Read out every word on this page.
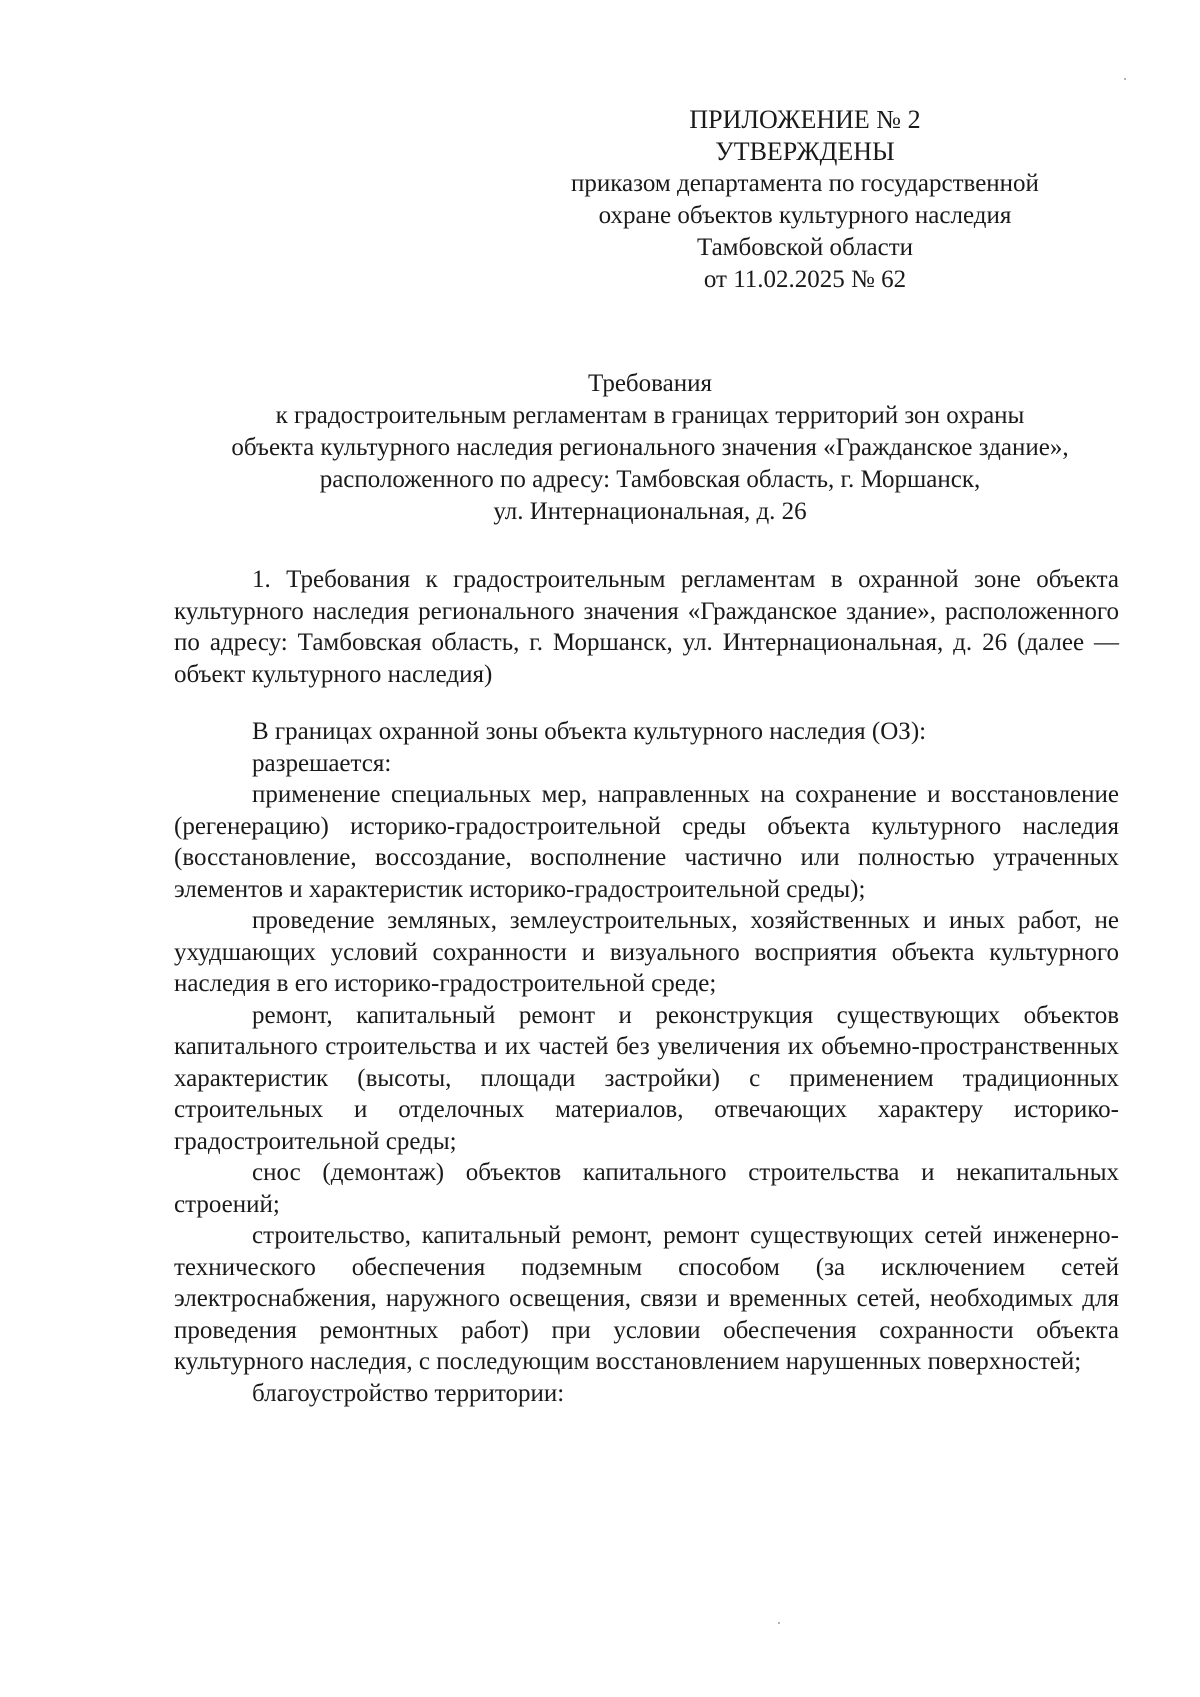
ПРИЛОЖЕНИЕ № 2
УТВЕРЖДЕНЫ
приказом департамента по государственной
охране объектов культурного наследия
Тамбовской области
от 11.02.2025 № 62
Требования
к градостроительным регламентам в границах территорий зон охраны
объекта культурного наследия регионального значения «Гражданское здание»,
расположенного по адресу: Тамбовская область, г. Моршанск,
ул. Интернациональная, д. 26

1. Требования к градостроительным регламентам в охранной зоне объекта культурного наследия регионального значения «Гражданское здание», расположенного по адресу: Тамбовская область, г. Моршанск, ул. Интернациональная, д. 26 (далее — объект культурного наследия)

В границах охранной зоны объекта культурного наследия (ОЗ):

разрешается:

применение специальных мер, направленных на сохранение и восстановление (регенерацию) историко-градостроительной среды объекта культурного наследия (восстановление, воссоздание, восполнение частично или полностью утраченных элементов и характеристик историко-градостроительной среды);

проведение земляных, землеустроительных, хозяйственных и иных работ, не ухудшающих условий сохранности и визуального восприятия объекта культурного наследия в его историко-градостроительной среде;

ремонт, капитальный ремонт и реконструкция существующих объектов капитального строительства и их частей без увеличения их объемно-пространственных характеристик (высоты, площади застройки) с применением традиционных строительных и отделочных материалов, отвечающих характеру историко-градостроительной среды;

снос (демонтаж) объектов капитального строительства и некапитальных строений;

строительство, капитальный ремонт, ремонт существующих сетей инженерно-технического обеспечения подземным способом (за исключением сетей электроснабжения, наружного освещения, связи и временных сетей, необходимых для проведения ремонтных работ) при условии обеспечения сохранности объекта культурного наследия, с последующим восстановлением нарушенных поверхностей;

благоустройство территории:
